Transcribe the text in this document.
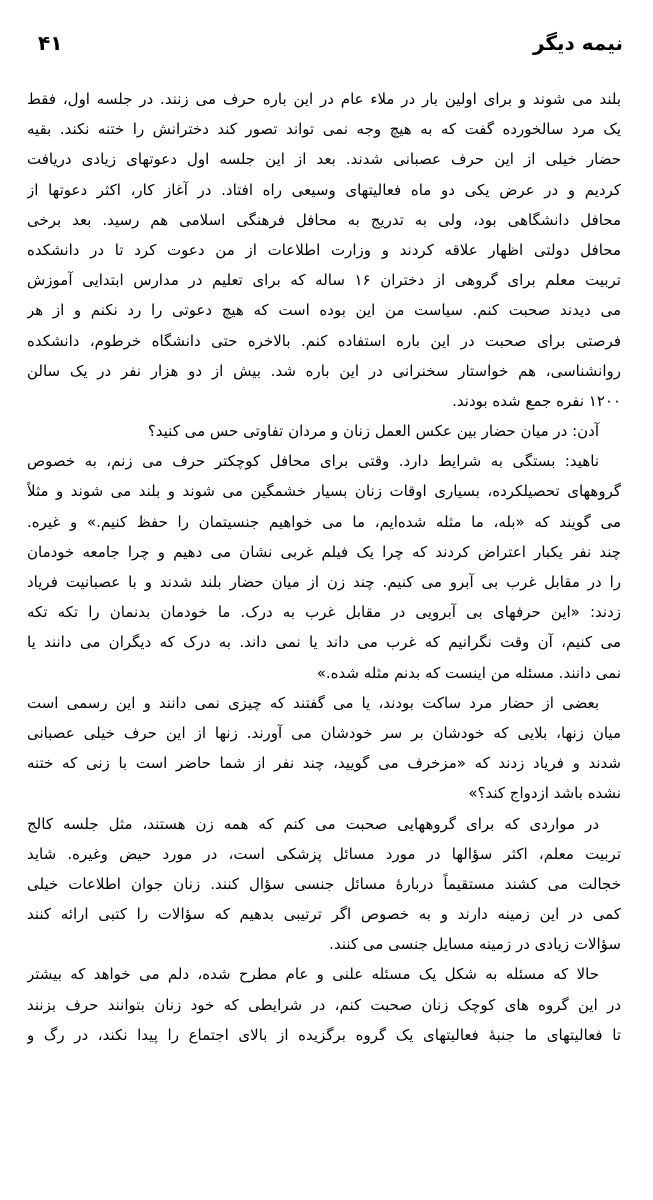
نیمه دیگر
۴۱
بلند می شوند و برای اولین بار در ملاء عام در این باره حرف می زنند. در جلسه اول، فقط
یک مرد سالخورده گفت که به هیچ وجه نمی تواند تصور کند دخترانش را ختنه نکند. بقیه
حضار خیلی از این حرف عصبانی شدند. بعد از این جلسه اول دعوتهای زیادی دریافت
کردیم و در عرض یکی دو ماه فعالیتهای وسیعی راه افتاد. در آغاز کار، اکثر دعوتها از
محافل دانشگاهی بود، ولی به تدریج به محافل فرهنگی اسلامی هم رسید. بعد برخی
محافل دولتی اظهار علاقه کردند و وزارت اطلاعات از من دعوت کرد تا در دانشکده
تربیت معلم برای گروهی از دختران ۱۶ ساله که برای تعلیم در مدارس ابتدایی آموزش
می دیدند صحبت کنم. سیاست من این بوده است که هیچ دعوتی را رد نکنم و از هر
فرصتی برای صحبت در این باره استفاده کنم. بالاخره حتی دانشگاه خرطوم، دانشکده
روانشناسی، هم خواستار سخنرانی در این باره شد. بیش از دو هزار نفر در یک سالن
۱۲۰۰ نفره جمع شده بودند.
آدن: در میان حضار بین عکس العمل زنان و مردان تفاوتی حس می کنید؟
ناهید: بستگی به شرایط دارد. وقتی برای محافل کوچکتر حرف می زنم، به خصوص
گروههای تحصیلکرده، بسیاری اوقات زنان بسیار خشمگین می شوند و بلند می شوند و مثلاً
می گویند که «بله، ما مثله شده‌ایم، ما می خواهیم جنسیتمان را حفظ کنیم.» و غیره.
چند نفر یکبار اعتراض کردند که چرا یک فیلم غربی نشان می دهیم و چرا جامعه خودمان
را در مقابل غرب بی آبرو می کنیم. چند زن از میان حضار بلند شدند و با عصبانیت فریاد
زدند: «این حرفهای بی آبرویی در مقابل غرب به درک. ما خودمان بدنمان را تکه تکه
می کنیم، آن وقت نگرانیم که غرب می داند یا نمی داند. به درک که دیگران می دانند یا
نمی دانند. مسئله من اینست که بدنم مثله شده.»
بعضی از حضار مرد ساکت بودند، یا می گفتند که چیزی نمی دانند و این رسمی است
میان زنها، بلایی که خودشان بر سر خودشان می آورند. زنها از این حرف خیلی عصبانی
شدند و فریاد زدند که «مزخرف می گویید، چند نفر از شما حاضر است با زنی که ختنه
نشده باشد ازدواج کند؟»
در مواردی که برای گروههایی صحبت می کنم که همه زن هستند، مثل جلسه کالج
تربیت معلم، اکثر سؤالها در مورد مسائل پزشکی است، در مورد حیض وغیره. شاید
خجالت می کشند مستقیماً دربارهٔ مسائل جنسی سؤال کنند. زنان جوان اطلاعات خیلی
کمی در این زمینه دارند و به خصوص اگر ترتیبی بدهیم که سؤالات را کتبی ارائه کنند
سؤالات زیادی در زمینه مسایل جنسی می کنند.
حالا که مسئله به شکل یک مسئله علنی و عام مطرح شده، دلم می خواهد که بیشتر
در این گروه های کوچک زنان صحبت کنم، در شرایطی که خود زنان بتوانند حرف بزنند
تا فعالیتهای ما جنبهٔ فعالیتهای یک گروه برگزیده از بالای اجتماع را پیدا نکند، در رگ و
